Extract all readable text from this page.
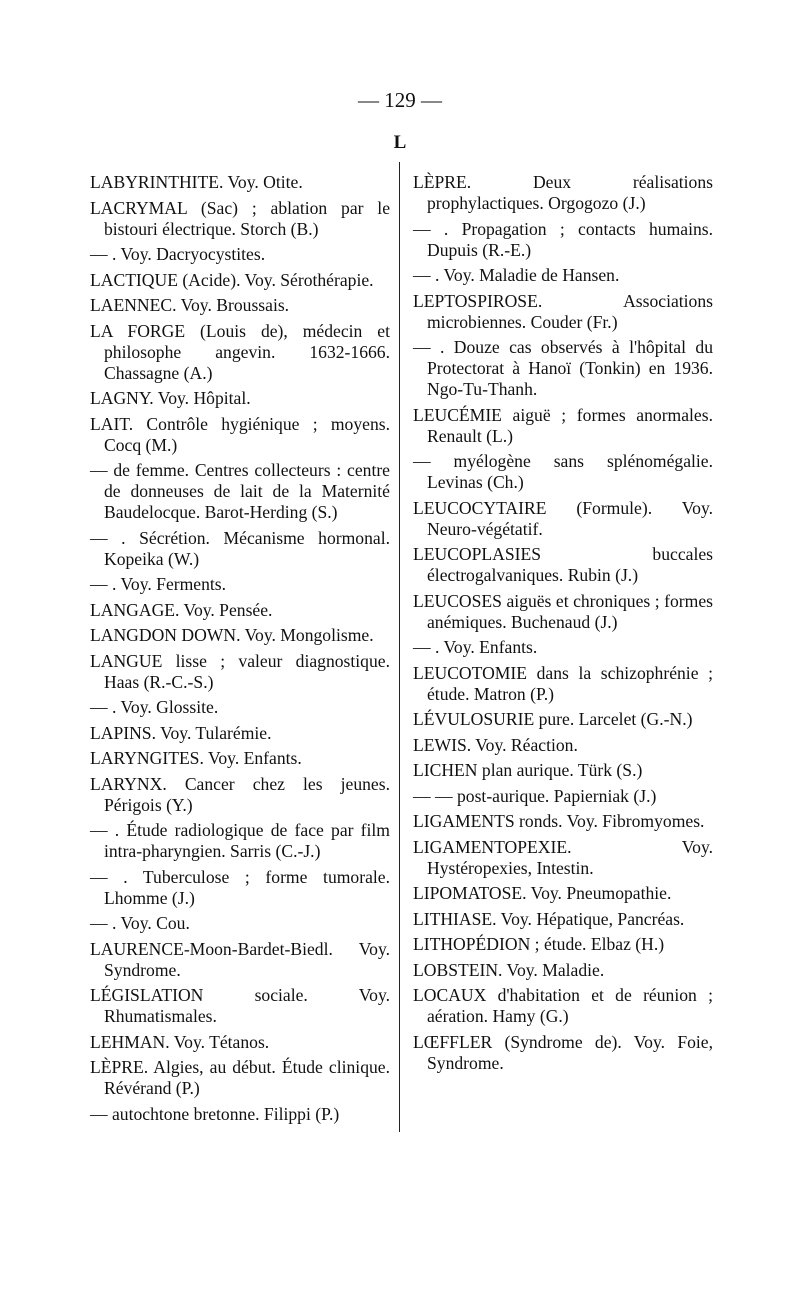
— 129 —
L
LABYRINTHITE. Voy. Otite.
LACRYMAL (Sac) ; ablation par le bistouri électrique. Storch (B.)
— . Voy. Dacryocystites.
LACTIQUE (Acide). Voy. Sérothérapie.
LAENNEC. Voy. Broussais.
LA FORGE (Louis de), médecin et philosophe angevin. 1632-1666. Chassagne (A.)
LAGNY. Voy. Hôpital.
LAIT. Contrôle hygiénique ; moyens. Cocq (M.)
— de femme. Centres collecteurs : centre de donneuses de lait de la Maternité Baudelocque. Barot-Herding (S.)
— . Sécrétion. Mécanisme hormonal. Kopeika (W.)
— . Voy. Ferments.
LANGAGE. Voy. Pensée.
LANGDON DOWN. Voy. Mongolisme.
LANGUE lisse ; valeur diagnostique. Haas (R.-C.-S.)
— . Voy. Glossite.
LAPINS. Voy. Tularémie.
LARYNGITES. Voy. Enfants.
LARYNX. Cancer chez les jeunes. Périgois (Y.)
— . Étude radiologique de face par film intra-pharyngien. Sarris (C.-J.)
— . Tuberculose ; forme tumorale. Lhomme (J.)
— . Voy. Cou.
LAURENCE-Moon-Bardet-Biedl. Voy. Syndrome.
LÉGISLATION sociale. Voy. Rhumatismales.
LEHMAN. Voy. Tétanos.
LÈPRE. Algies, au début. Étude clinique. Révérand (P.)
— autochtone bretonne. Filippi (P.)
LÈPRE. Deux réalisations prophylactiques. Orgogozo (J.)
— . Propagation ; contacts humains. Dupuis (R.-E.)
— . Voy. Maladie de Hansen.
LEPTOSPIROSE. Associations microbiennes. Couder (Fr.)
— . Douze cas observés à l'hôpital du Protectorat à Hanoï (Tonkin) en 1936. Ngo-Tu-Thanh.
LEUCÉMIE aiguë ; formes anormales. Renault (L.)
— myélogène sans splénomégalie. Levinas (Ch.)
LEUCOCYTAIRE (Formule). Voy. Neuro-végétatif.
LEUCOPLASIES buccales électrogalvaniques. Rubin (J.)
LEUCOSES aiguës et chroniques ; formes anémiques. Buchenaud (J.)
— . Voy. Enfants.
LEUCOTOMIE dans la schizophrénie ; étude. Matron (P.)
LÉVULOSURIE pure. Larcelet (G.-N.)
LEWIS. Voy. Réaction.
LICHEN plan aurique. Türk (S.)
— — post-aurique. Papierniak (J.)
LIGAMENTS ronds. Voy. Fibromyomes.
LIGAMENTOPEXIE. Voy. Hystéropexies, Intestin.
LIPOMATOSE. Voy. Pneumopathie.
LITHIASE. Voy. Hépatique, Pancréas.
LITHOPÉDION ; étude. Elbaz (H.)
LOBSTEIN. Voy. Maladie.
LOCAUX d'habitation et de réunion ; aération. Hamy (G.)
LŒFFLER (Syndrome de). Voy. Foie, Syndrome.
